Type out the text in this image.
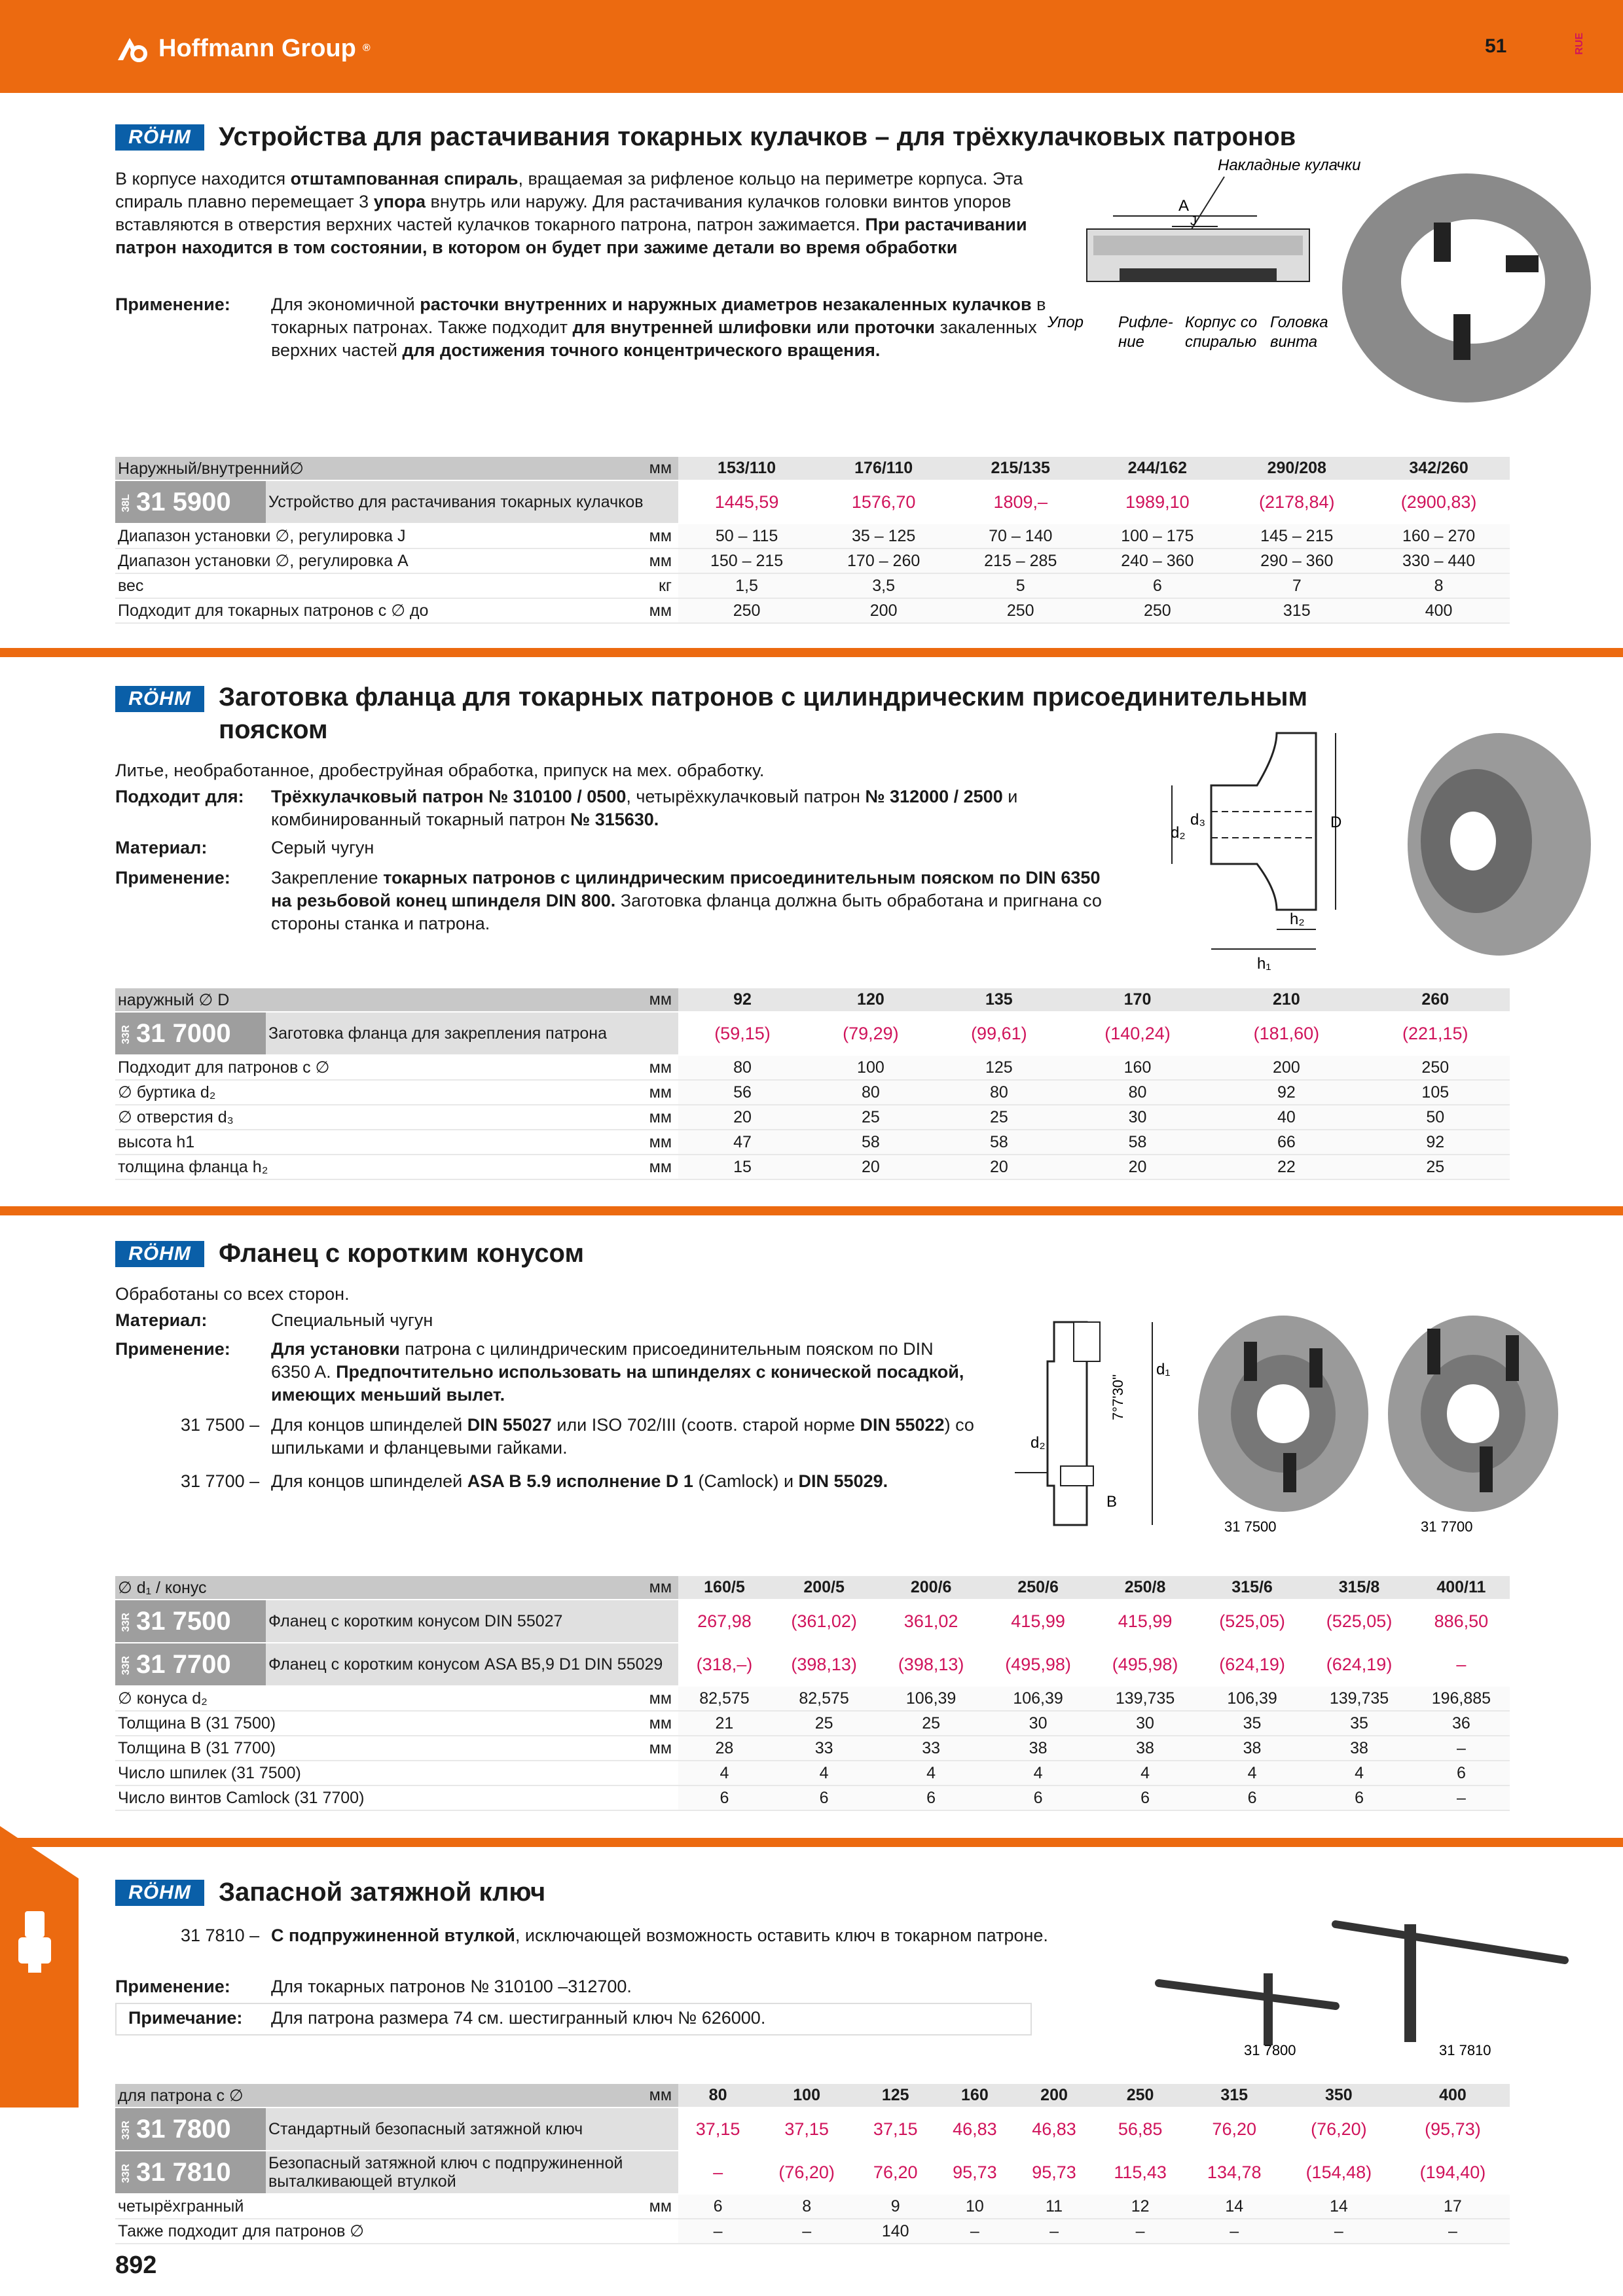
Hoffmann Group ®	51	RUE
RÖHM	Устройства для растачивания токарных кулачков – для трёхкулачковых патронов
В корпусе находится отштампованная спираль, вращаемая за рифленое кольцо на периметре корпуса. Эта спираль плавно перемещает 3 упора внутрь или наружу. Для растачивания кулачков головки винтов упоров вставляются в отверстия верхних частей кулачков токарного патрона, патрон зажимается. При растачивании патрон находится в том состоянии, в котором он будет при зажиме детали во время обработки
Применение: Для экономичной расточки внутренних и наружных диаметров незакаленных кулачков в токарных патронах. Также подходит для внутренней шлифовки или проточки закаленных верхних частей для достижения точного концентрического вращения.
Накладные кулачки
A
J
Упор Рифле-
ние
Корпус со
спиралью
Головка
винта
Наружный/внутренний∅		мм	153/110	176/110	215/135	244/162	290/208	342/260
38L 31 5900	Устройство для растачивания токарных кулачков		1445,59	1576,70	1809,–	1989,10	(2178,84)	(2900,83)
Диапазон установки ∅, регулировка J		мм	50 – 115	35 – 125	70 – 140	100 – 175	145 – 215	160 – 270
Диапазон установки ∅, регулировка A		мм	150 – 215	170 – 260	215 – 285	240 – 360	290 – 360	330 – 440
вес		кг	1,5	3,5	5	6	7	8
Подходит для токарных патронов с ∅ до		мм	250	200	250	250	315	400
RÖHM	Заготовка фланца для токарных патронов с цилиндрическим присоединительным
пояском
Литье, необработанное, дробеструйная обработка, припуск на мех. обработку.
Подходит для: Трёхкулачковый патрон № 310100 / 0500, четырёхкулачковый патрон № 312000 / 2500 и комбинированный токарный патрон № 315630.
Материал:	Серый чугун
Применение: Закрепление токарных патронов с цилиндрическим присоединительным пояском по DIN 6350 на резьбовой конец шпинделя DIN 800. Заготовка фланца должна быть обработана и пригнана со стороны станка и патрона.
d₂
d₃	D
h₁
h₂
наружный ∅ D		мм	92	120	135	170	210	260
33R 31 7000	Заготовка фланца для закрепления патрона		(59,15)	(79,29)	(99,61)	(140,24)	(181,60)	(221,15)
Подходит для патронов с ∅		мм	80	100	125	160	200	250
∅ буртика d₂		мм	56	80	80	80	92	105
∅ отверстия d₃		мм	20	25	25	30	40	50
высота h1		мм	47	58	58	58	66	92
толщина фланца h₂		мм	15	20	20	20	22	25
RÖHM	Фланец с коротким конусом
Обработаны со всех сторон.
Материал:	Специальный чугун
Применение: Для установки патрона с цилиндрическим присоединительным пояском по DIN 6350 A. Предпочтительно использовать на шпинделях с конической посадкой, имеющих меньший вылет.
31 7500 – Для концов шпинделей DIN 55027 или ISO 702/III (соотв. старой норме DIN 55022) со шпильками и фланцевыми гайками.
31 7700 – Для концов шпинделей ASA B 5.9 исполнение D 1 (Camlock) и DIN 55029.
d₁
7°7'30''
d₂
B
31 7500	31 7700
∅ d₁ / конус		мм	160/5	200/5	200/6	250/6	250/8	315/6	315/8	400/11
33R 31 7500	Фланец с коротким конусом DIN 55027		267,98	(361,02)	361,02	415,99	415,99	(525,05)	(525,05)	886,50
33R 31 7700	Фланец с коротким конусом ASA B5,9 D1 DIN 55029		(318,–)	(398,13)	(398,13)	(495,98)	(495,98)	(624,19)	(624,19)	–
∅ конуса d₂		мм	82,575	82,575	106,39	106,39	139,735	106,39	139,735	196,885
Толщина B (31 7500)		мм	21	25	25	30	30	35	35	36
Толщина B (31 7700)		мм	28	33	33	38	38	38	38	–
Число шпилек (31 7500)			4	4	4	4	4	4	4	6
Число винтов Camlock (31 7700)			6	6	6	6	6	6	6	–
RÖHM	Запасной затяжной ключ
31 7810 – С подпружиненной втулкой, исключающей возможность оставить ключ в токарном патроне.
Применение: Для токарных патронов № 310100 –312700.
Примечание: Для патрона размера 74 см. шестигранный ключ № 626000.
31 7800	31 7810
для патрона с ∅		мм	80	100	125	160	200	250	315	350	400
33R 31 7800	Стандартный безопасный затяжной ключ		37,15	37,15	37,15	46,83	46,83	56,85	76,20	(76,20)	(95,73)
33R 31 7810	Безопасный затяжной ключ с подпружиненной выталкивающей втулкой		–	(76,20)	76,20	95,73	95,73	115,43	134,78	(154,48)	(194,40)
четырёхгранный		мм	6	8	9	10	11	12	14	14	17
Также подходит для патронов ∅			–	–	140	–	–	–	–	–	–
892
